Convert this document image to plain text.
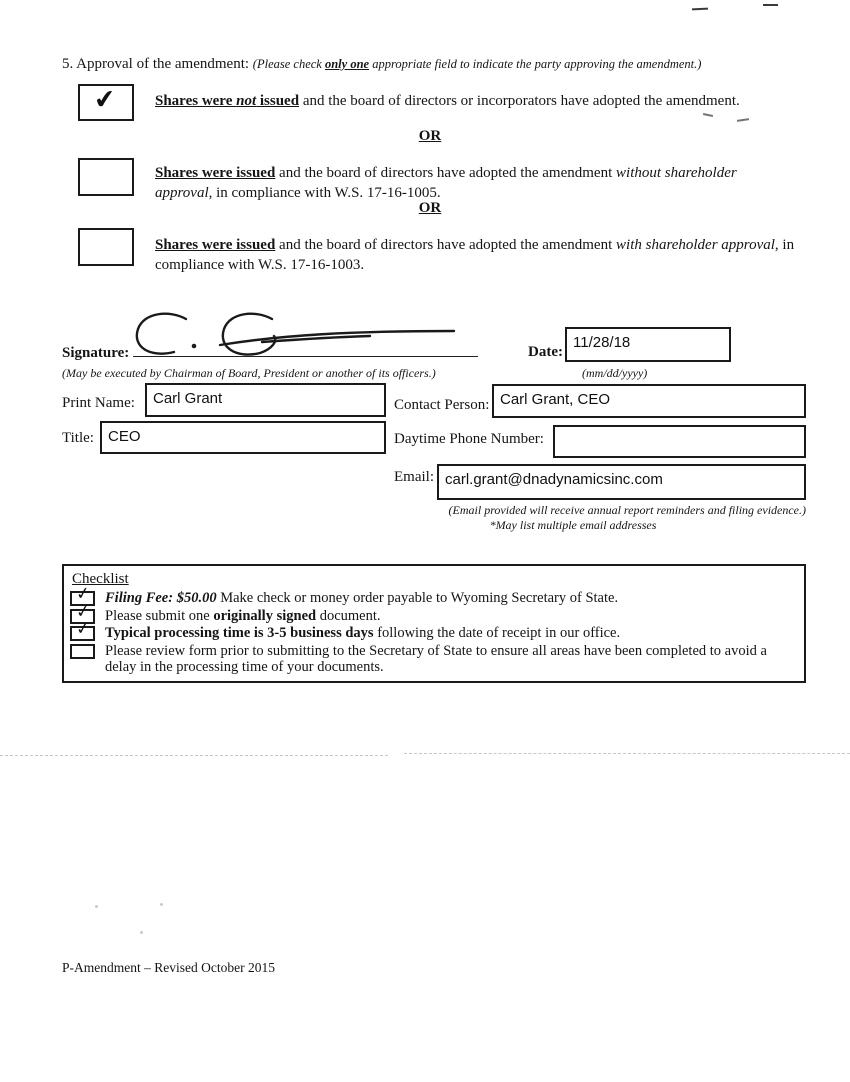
5. Approval of the amendment: (Please check only one appropriate field to indicate the party approving the amendment.)
✔	Shares were not issued and the board of directors or incorporators have adopted the amendment.
OR
Shares were issued and the board of directors have adopted the amendment without shareholder approval, in compliance with W.S. 17-16-1005.
OR
Shares were issued and the board of directors have adopted the amendment with shareholder approval, in compliance with W.S. 17-16-1003.
Signature:
(May be executed by Chairman of Board, President or another of its officers.)
Date:
11/28/18
(mm/dd/yyyy)
Print Name:	Carl Grant	Contact Person: Carl Grant, CEO
Title: CEO	Daytime Phone Number:
Email: carl.grant@dnadynamicsinc.com
(Email provided will receive annual report reminders and filing evidence.)
*May list multiple email addresses
Checklist
✓ Filing Fee: $50.00 Make check or money order payable to Wyoming Secretary of State.
✓ Please submit one originally signed document.
✓ Typical processing time is 3-5 business days following the date of receipt in our office.
Please review form prior to submitting to the Secretary of State to ensure all areas have been completed to avoid a delay in the processing time of your documents.
P-Amendment – Revised October 2015
